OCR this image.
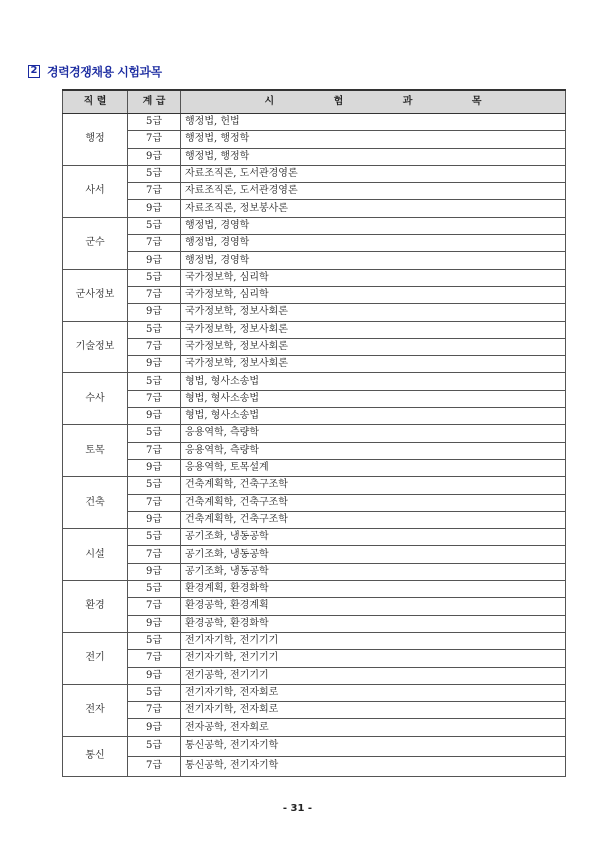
2 경력경쟁채용 시험과목
직 렬	계 급	시 험 과 목
행정	5급	행정법, 헌법
	7급	행정법, 행정학
	9급	행정법, 행정학
사서	5급	자료조직론, 도서관경영론
	7급	자료조직론, 도서관경영론
	9급	자료조직론, 정보봉사론
군수	5급	행정법, 경영학
	7급	행정법, 경영학
	9급	행정법, 경영학
군사정보	5급	국가정보학, 심리학
	7급	국가정보학, 심리학
	9급	국가정보학, 정보사회론
기술정보	5급	국가정보학, 정보사회론
	7급	국가정보학, 정보사회론
	9급	국가정보학, 정보사회론
수사	5급	형법, 형사소송법
	7급	형법, 형사소송법
	9급	형법, 형사소송법
토목	5급	응용역학, 측량학
	7급	응용역학, 측량학
	9급	응용역학, 토목설계
건축	5급	건축계획학, 건축구조학
	7급	건축계획학, 건축구조학
	9급	건축계획학, 건축구조학
시설	5급	공기조화, 냉동공학
	7급	공기조화, 냉동공학
	9급	공기조화, 냉동공학
환경	5급	환경계획, 환경화학
	7급	환경공학, 환경계획
	9급	환경공학, 환경화학
전기	5급	전기자기학, 전기기기
	7급	전기자기학, 전기기기
	9급	전기공학, 전기기기
전자	5급	전기자기학, 전자회로
	7급	전기자기학, 전자회로
	9급	전자공학, 전자회로
통신	5급	통신공학, 전기자기학
	7급	통신공학, 전기자기학
- 31 -
